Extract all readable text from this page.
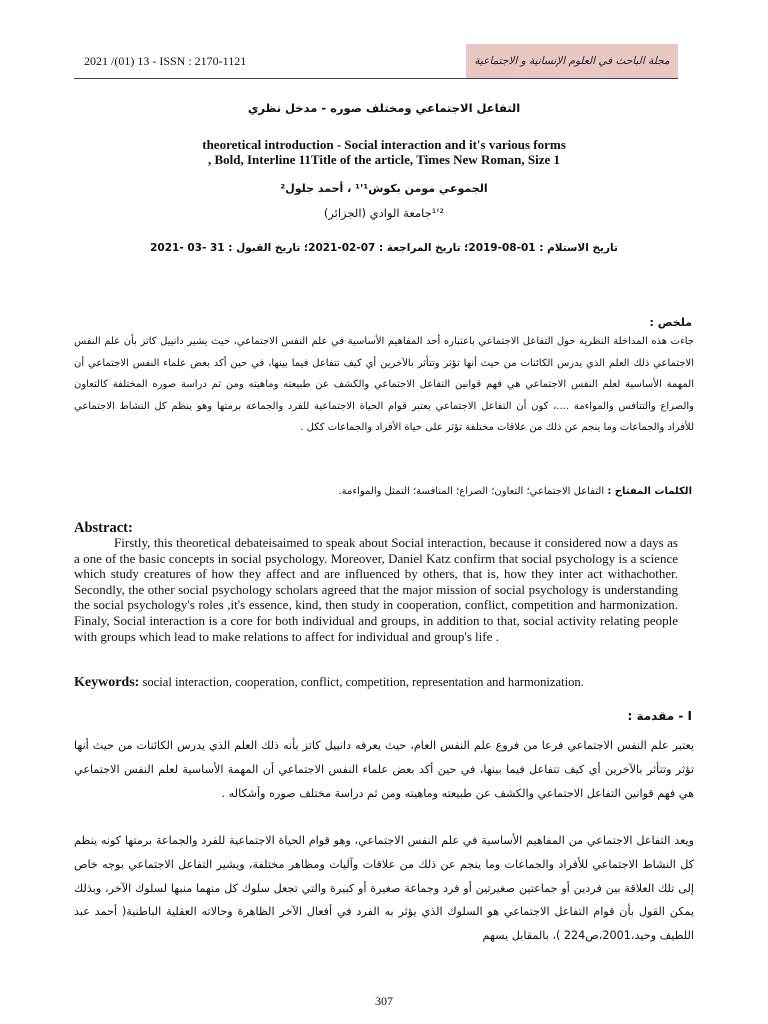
2021 /(01) 13 - ISSN : 2170-1121	مجلة الباحث في العلوم الإنسانية و الاجتماعية
التفاعل الاجتماعي ومختلف صوره - مدخل نظري
theoretical introduction - Social interaction and it's various forms
, Bold, Interline 11Title of the article, Times New Roman, Size 1
الجموعي مومن بكوش¹'¹ ، أحمد جلول²
²'¹جامعة الوادي (الجزائر)
تاريخ الاستلام : 01-08-2019؛ تاريخ المراجعة : 07-02-2021؛ تاريخ القبول : 31 -03 -2021
ملخص :
جاءت هذه المداخلة النظرية حول التفاعل الاجتماعي باعتباره أحد المفاهيم الأساسية في علم النفس الاجتماعي، حيث يشير دانييل كاتز بأن علم النفس الاجتماعي ذلك العلم الذي يدرس الكائنات من حيث أنها تؤثر وتتأثر بالآخرين أي كيف تتفاعل فيما بينها، في حين أكد بعض علماء النفس الاجتماعي أن المهمة الأساسية لعلم النفس الاجتماعي هي فهم قوانين التفاعل الاجتماعي والكشف عن طبيعته وماهيته ومن ثم دراسة صوره المختلفة كالتعاون والصراع والتنافس والمواءمة ....، كون أن التفاعل الاجتماعي يعتبر قوام الحياة الاجتماعية للفرد والجماعة برمتها وهو ينظم كل النشاط الاجتماعي للأفراد والجماعات وما ينجم عن ذلك من علاقات مختلفة تؤثر على حياة الأفراد والجماعات ككل .
الكلمات المفتاح : التفاعل الاجتماعي؛ التعاون؛ الصراع؛ المنافسة؛ التمثل والمواءمة.
Abstract:
Firstly, this theoretical debateisaimed to speak about Social interaction, because it considered now a days as a one of the basic concepts in social psychology. Moreover, Daniel Katz confirm that social psychology is a science which study creatures of how they affect and are influenced by others, that is, how they inter act withachother. Secondly, the other social psychology scholars agreed that the major mission of social psychology is understanding the social psychology's roles ,it's essence, kind, then study in cooperation, conflict, competition and harmonization. Finaly, Social interaction is a core for both individual and groups, in addition to that, social activity relating people with groups which lead to make relations to affect for individual and group's life .
Keywords: social interaction, cooperation, conflict, competition, representation and harmonization.
I - مقدمة :
يعتبر علم النفس الاجتماعي فرعا من فروع علم النفس العام، حيث يعرفه دانييل كاتز بأنه ذلك العلم الذي يدرس الكائنات من حيث أنها تؤثر وتتأثر بالآخرين أي كيف تتفاعل فيما بينها، في حين أكد بعض علماء النفس الاجتماعي أن المهمة الأساسية لعلم النفس الاجتماعي هي فهم قوانين التفاعل الاجتماعي والكشف عن طبيعته وماهيته ومن ثم دراسة مختلف صوره وأشكاله .
ويعد التفاعل الاجتماعي من المفاهيم الأساسية في علم النفس الاجتماعي، وهو قوام الحياة الاجتماعية للفرد والجماعة برمتها كونه ينظم كل النشاط الاجتماعي للأفراد والجماعات وما ينجم عن ذلك من علاقات وآليات ومظاهر مختلفة، ويشير التفاعل الاجتماعي بوجه خاص إلى تلك العلاقة بين فردين أو جماعتين صغيرتين أو فرد وجماعة صغيرة أو كبيرة والتي تجعل سلوك كل منهما منبها لسلوك الآخر، وبذلك يمكن القول بأن قوام التفاعل الاجتماعي هو السلوك الذي يؤثر به الفرد في أفعال الآخر الظاهرة وحالاته العقلية الباطنية( أحمد عبد اللطيف وحيد،2001،ص224 )، بالمقابل يسهم
307
